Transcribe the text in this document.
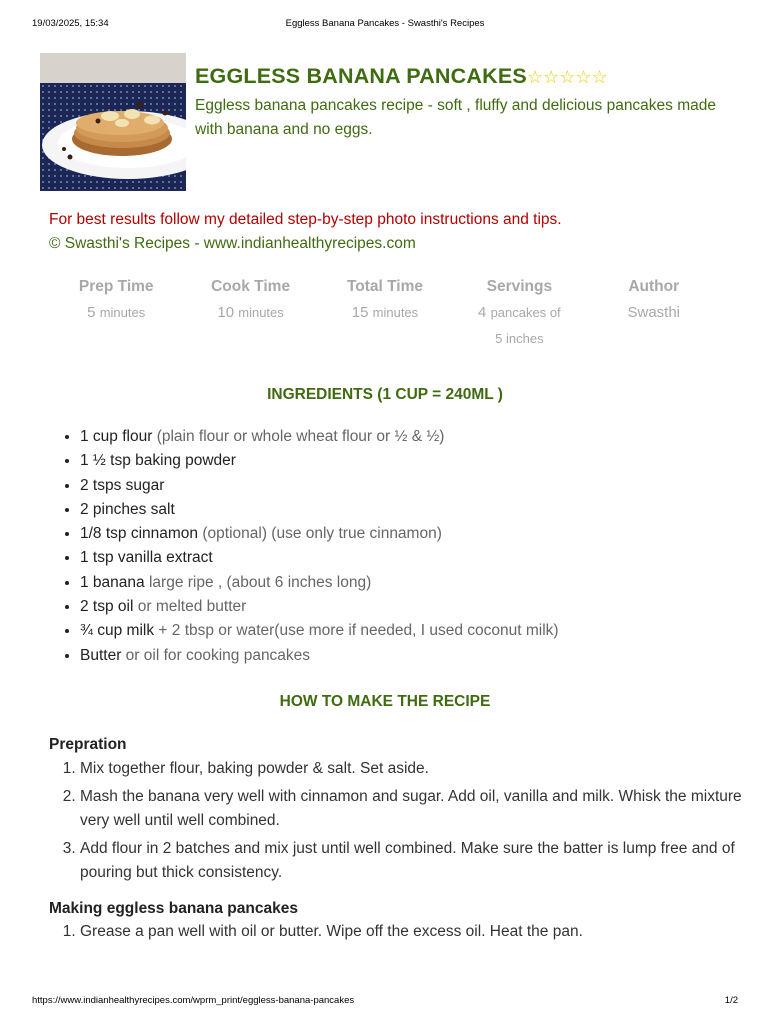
19/03/2025, 15:34	Eggless Banana Pancakes - Swasthi's Recipes
EGGLESS BANANA PANCAKES☆☆☆☆☆
Eggless banana pancakes recipe - soft , fluffy and delicious pancakes made with banana and no eggs.
For best results follow my detailed step-by-step photo instructions and tips.
© Swasthi's Recipes - www.indianhealthyrecipes.com
Prep Time
5 minutes
Cook Time
10 minutes
Total Time
15 minutes
Servings
4 pancakes of
5 inches
Author
Swasthi
INGREDIENTS (1 CUP = 240ML )
• 1 cup flour (plain flour or whole wheat flour or ½ & ½)
• 1 ½ tsp baking powder
• 2 tsps sugar
• 2 pinches salt
• 1/8 tsp cinnamon (optional) (use only true cinnamon)
• 1 tsp vanilla extract
• 1 banana large ripe , (about 6 inches long)
• 2 tsp oil or melted butter
• ¾ cup milk + 2 tbsp or water(use more if needed, I used coconut milk)
• Butter or oil for cooking pancakes
HOW TO MAKE THE RECIPE
Prepration
1. Mix together flour, baking powder & salt. Set aside.
2. Mash the banana very well with cinnamon and sugar. Add oil, vanilla and milk. Whisk the mixture very well until well combined.
3. Add flour in 2 batches and mix just until well combined. Make sure the batter is lump free and of pouring but thick consistency.
Making eggless banana pancakes
1. Grease a pan well with oil or butter. Wipe off the excess oil. Heat the pan.
https://www.indianhealthyrecipes.com/wprm_print/eggless-banana-pancakes	1/2
